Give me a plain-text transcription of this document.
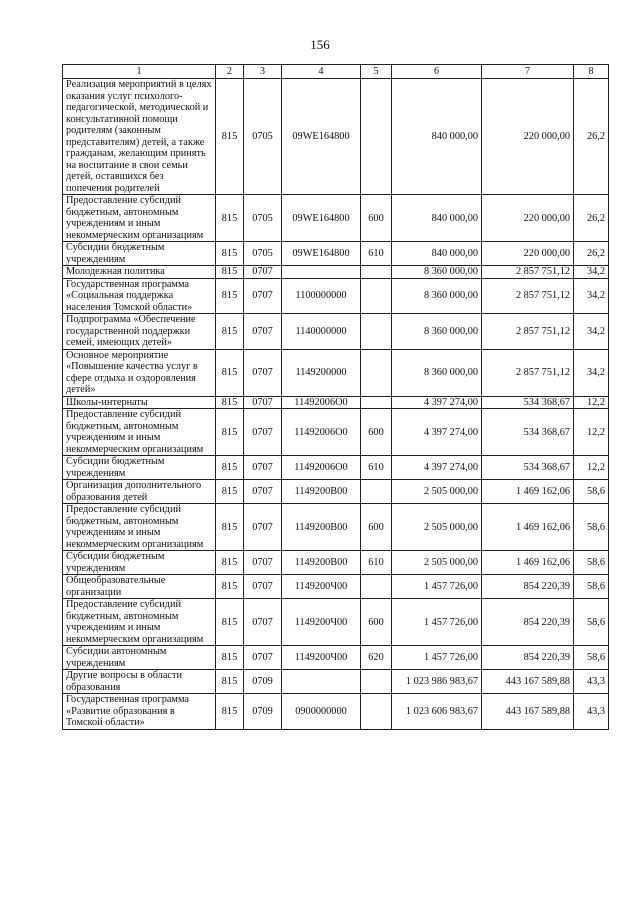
156
1	2	3	4	5	6	7	8
Реализация мероприятий в целях оказания услуг психолого-педагогической, методической и консультативной помощи родителям (законным представителям) детей, а также гражданам, желающим принять на воспитание в свои семьи детей, оставшихся без попечения родителей	815	0705	09WE164800		840 000,00	220 000,00	26,2
Предоставление субсидий бюджетным, автономным учреждениям и иным некоммерческим организациям	815	0705	09WE164800	600	840 000,00	220 000,00	26,2
Субсидии бюджетным учреждениям	815	0705	09WE164800	610	840 000,00	220 000,00	26,2
Молодежная политика	815	0707			8 360 000,00	2 857 751,12	34,2
Государственная программа «Социальная поддержка населения Томской области»	815	0707	1100000000		8 360 000,00	2 857 751,12	34,2
Подпрограмма «Обеспечение государственной поддержки семей, имеющих детей»	815	0707	1140000000		8 360 000,00	2 857 751,12	34,2
Основное мероприятие «Повышение качества услуг в сфере отдыха и оздоровления детей»	815	0707	1149200000		8 360 000,00	2 857 751,12	34,2
Школы-интернаты	815	0707	11492006О0		4 397 274,00	534 368,67	12,2
Предоставление субсидий бюджетным, автономным учреждениям и иным некоммерческим организациям	815	0707	11492006О0	600	4 397 274,00	534 368,67	12,2
Субсидии бюджетным учреждениям	815	0707	11492006О0	610	4 397 274,00	534 368,67	12,2
Организация дополнительного образования детей	815	0707	1149200В00		2 505 000,00	1 469 162,06	58,6
Предоставление субсидий бюджетным, автономным учреждениям и иным некоммерческим организациям	815	0707	1149200В00	600	2 505 000,00	1 469 162,06	58,6
Субсидии бюджетным учреждениям	815	0707	1149200В00	610	2 505 000,00	1 469 162,06	58,6
Общеобразовательные организации	815	0707	1149200Ч00		1 457 726,00	854 220,39	58,6
Предоставление субсидий бюджетным, автономным учреждениям и иным некоммерческим организациям	815	0707	1149200Ч00	600	1 457 726,00	854 220,39	58,6
Субсидии автономным учреждениям	815	0707	1149200Ч00	620	1 457 726,00	854 220,39	58,6
Другие вопросы в области образования	815	0709			1 023 986 983,67	443 167 589,88	43,3
Государственная программа «Развитие образования в Томской области»	815	0709	0900000000		1 023 606 983,67	443 167 589,88	43,3
